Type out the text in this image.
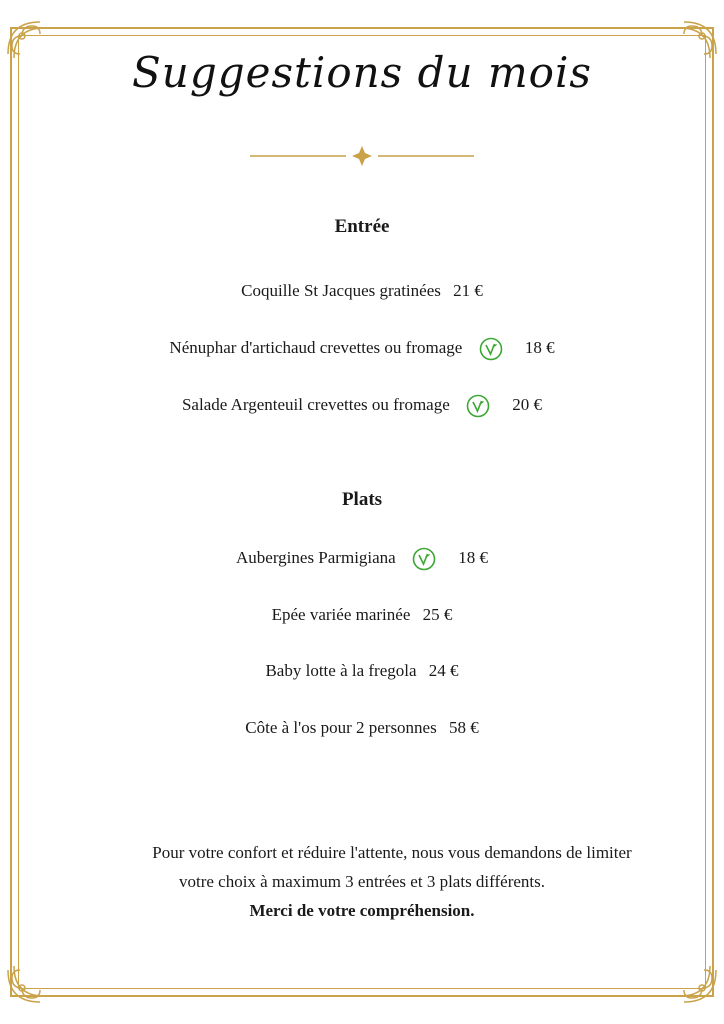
Suggestions du mois
Entrée
Coquille St Jacques gratinées 21 €
Nénuphar d'artichaud crevettes ou fromage	18 €
Salade Argenteuil crevettes ou fromage	20 €
Plats
Aubergines Parmigiana	18 €
Epée variée marinée 25 €
Baby lotte à la fregola 24 €
Côte à l'os pour 2 personnes 58 €
Pour votre confort et réduire l'attente, nous vous demandons de limiter
votre choix à maximum 3 entrées et 3 plats différents.
Merci de votre compréhension.
